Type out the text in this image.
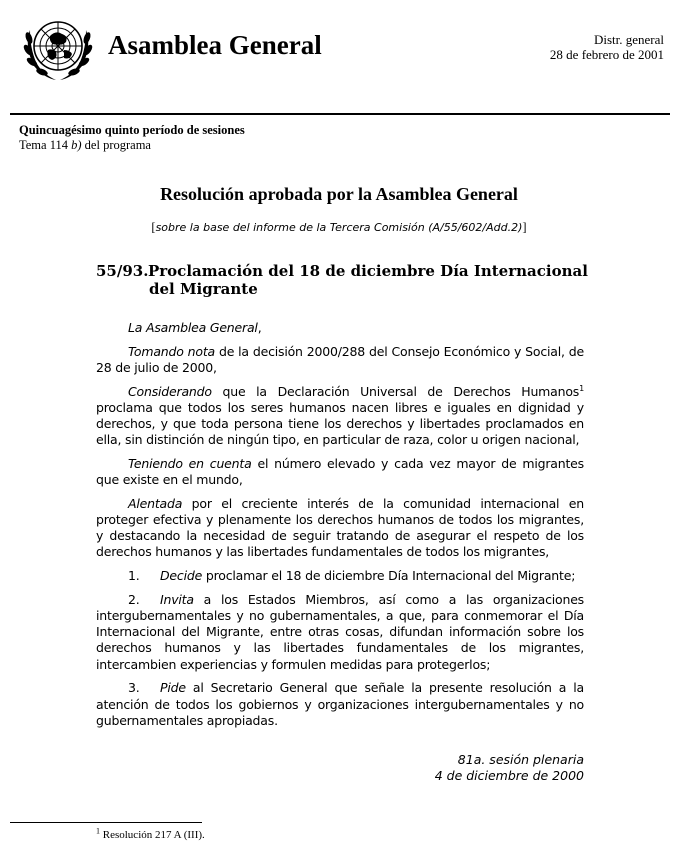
Asamblea General	Distr. general
28 de febrero de 2001
Quincuagésimo quinto período de sesiones
Tema 114 b) del programa
Resolución aprobada por la Asamblea General
[sobre la base del informe de la Tercera Comisión (A/55/602/Add.2)]
55/93.Proclamación del 18 de diciembre Día Internacional
del Migrante

La Asamblea General,

Tomando nota de la decisión 2000/288 del Consejo Económico y Social, de 28 de julio de 2000,

Considerando que la Declaración Universal de Derechos Humanos$^1$ proclama que todos los seres humanos nacen libres e iguales en dignidad y derechos, y que toda persona tiene los derechos y libertades proclamados en ella, sin distinción de ningún tipo, en particular de raza, color u origen nacional,

Teniendo en cuenta el número elevado y cada vez mayor de migrantes que existe en el mundo,

Alentada por el creciente interés de la comunidad internacional en proteger efectiva y plenamente los derechos humanos de todos los migrantes, y destacando la necesidad de seguir tratando de asegurar el respeto de los derechos humanos y las libertades fundamentales de todos los migrantes,

1. Decide proclamar el 18 de diciembre Día Internacional del Migrante;

2. Invita a los Estados Miembros, así como a las organizaciones intergubernamentales y no gubernamentales, a que, para conmemorar el Día Internacional del Migrante, entre otras cosas, difundan información sobre los derechos humanos y las libertades fundamentales de los migrantes, intercambien experiencias y formulen medidas para protegerlos;

3. Pide al Secretario General que señale la presente resolución a la atención de todos los gobiernos y organizaciones intergubernamentales y no gubernamentales apropiadas.

81a. sesión plenaria
4 de diciembre de 2000
$^1$ Resolución 217 A (III).
